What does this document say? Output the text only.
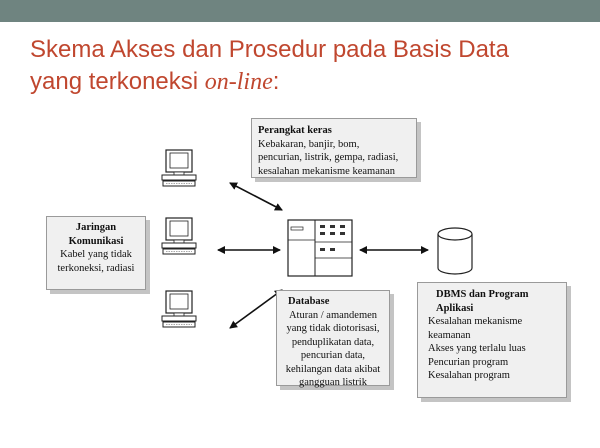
Skema Akses dan Prosedur pada Basis Data
yang terkoneksi on-line:
Perangkat keras
Kebakaran, banjir, bom,
pencurian, listrik, gempa, radiasi,
kesalahan mekanisme keamanan
Jaringan
Komunikasi
Kabel yang tidak
terkoneksi, radiasi
Database
Aturan / amandemen
yang tidak diotorisasi,
penduplikatan data,
pencurian data,
kehilangan data akibat
gangguan listrik
DBMS dan Program
Aplikasi
Kesalahan mekanisme
keamanan
Akses yang terlalu luas
Pencurian program
Kesalahan program
